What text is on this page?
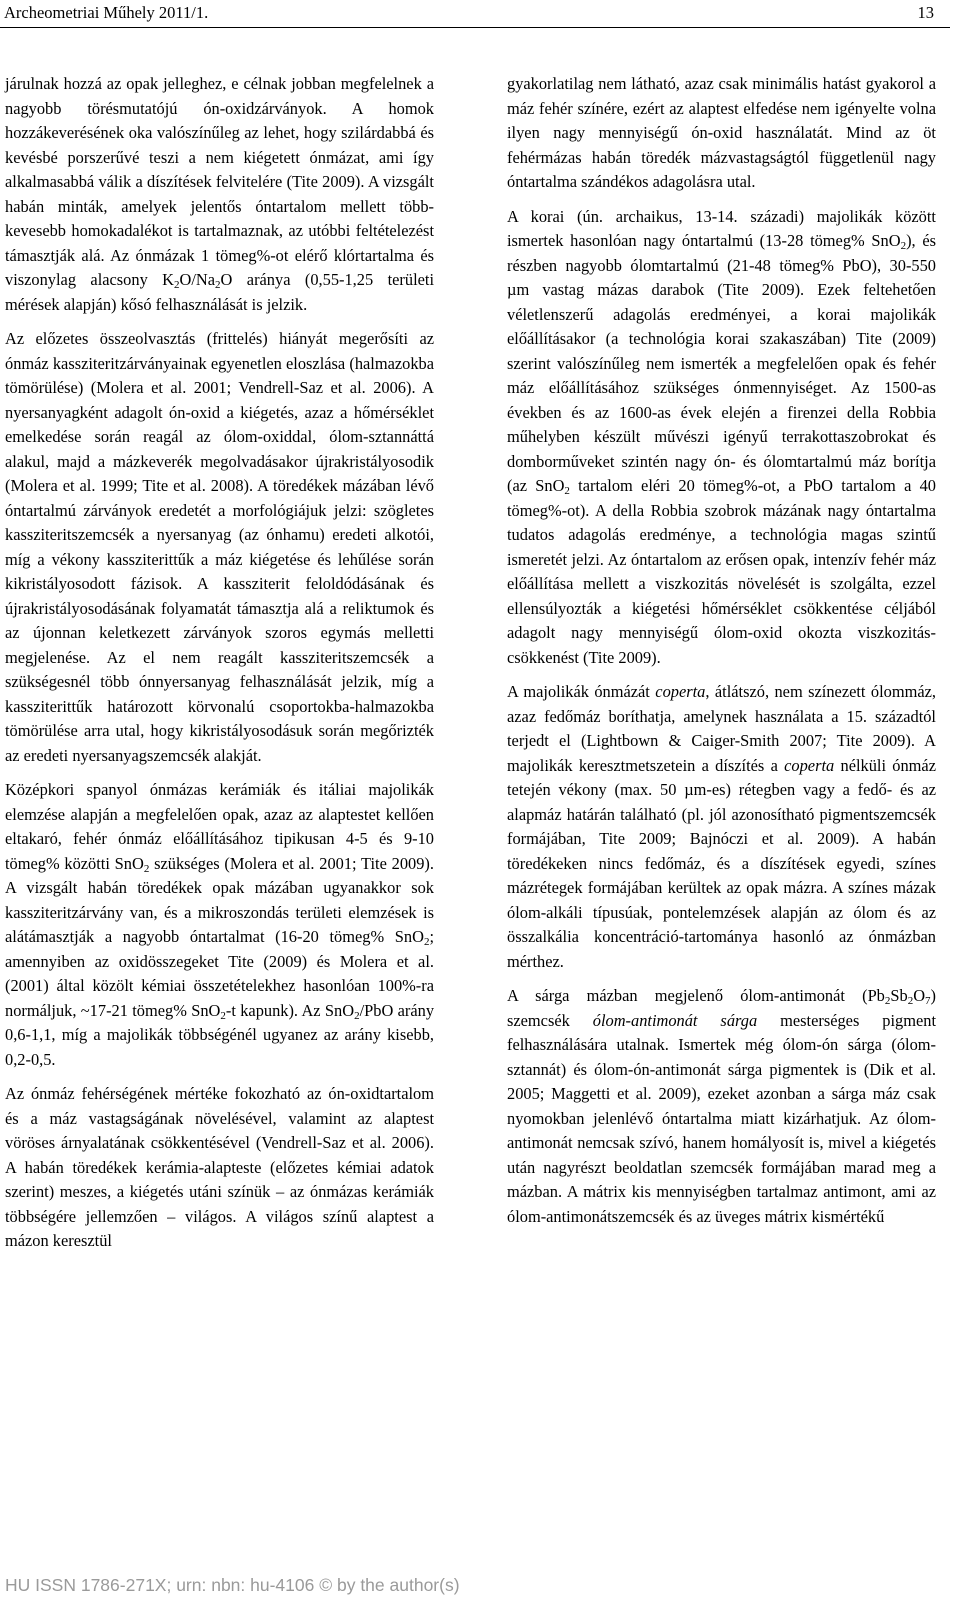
Archeometriai Műhely 2011/1.	13

járulnak hozzá az opak jelleghez, e célnak jobban megfelelnek a nagyobb törésmutatójú ón-oxidzárványok. A homok hozzákeverésének oka valószínűleg az lehet, hogy szilárdabbá és kevésbé porszerűvé teszi a nem kiégetett ónmázat, ami így alkalmasabbá válik a díszítések felvitelére (Tite 2009). A vizsgált habán minták, amelyek jelentős óntartalom mellett több-kevesebb homokadalékot is tartalmaznak, az utóbbi feltételezést támasztják alá. Az ónmázak 1 tömeg%-ot elérő klórtartalma és viszonylag alacsony $K_2O/Na_2O$ aránya (0,55-1,25 területi mérések alapján) kősó felhasználását is jelzik.

Az előzetes összeolvasztás (frittelés) hiányát megerősíti az ónmáz kassziteritzárványainak egyenetlen eloszlása (halmazokba tömörülése) (Molera et al. 2001; Vendrell-Saz et al. 2006). A nyersanyagként adagolt ón-oxid a kiégetés, azaz a hőmérséklet emelkedése során reagál az ólom-oxiddal, ólom-sztannáttá alakul, majd a mázkeverék megolvadásakor újrakristályosodik (Molera et al. 1999; Tite et al. 2008). A töredékek mázában lévő óntartalmú zárványok eredetét a morfológiájuk jelzi: szögletes kassziteritszemcsék a nyersanyag (az ónhamu) eredeti alkotói, míg a vékony kassziterittűk a máz kiégetése és lehűlése során kikristályosodott fázisok. A kassziterit feloldódásának és újrakristályosodásának folyamatát támasztja alá a reliktumok és az újonnan keletkezett zárványok szoros egymás melletti megjelenése. Az el nem reagált kassziteritszemcsék a szükségesnél több ónnyersanyag felhasználását jelzik, míg a kassziterittűk határozott körvonalú csoportokba-halmazokba tömörülése arra utal, hogy kikristályosodásuk során megőrizték az eredeti nyersanyagszemcsék alakját.

Középkori spanyol ónmázas kerámiák és itáliai majolikák elemzése alapján a megfelelően opak, azaz az alaptestet kellően eltakaró, fehér ónmáz előállításához tipikusan 4-5 és 9-10 tömeg% közötti SnO$_2$ szükséges (Molera et al. 2001; Tite 2009). A vizsgált habán töredékek opak mázában ugyanakkor sok kassziteritzárvány van, és a mikroszondás területi elemzések is alátámasztják a nagyobb óntartalmat (16-20 tömeg% SnO$_2$; amennyiben az oxidösszegeket Tite (2009) és Molera et al. (2001) által közölt kémiai összetételekhez hasonlóan 100%-ra normáljuk, ~17-21 tömeg% SnO$_2$-t kapunk). Az SnO$_2$/PbO arány 0,6-1,1, míg a majolikák többségénél ugyanez az arány kisebb, 0,2-0,5.

Az ónmáz fehérségének mértéke fokozható az ón-oxidtartalom és a máz vastagságának növelésével, valamint az alaptest vöröses árnyalatának csökkentésével (Vendrell-Saz et al. 2006). A habán töredékek kerámia-alapteste (előzetes kémiai adatok szerint) meszes, a kiégetés utáni színük – az ónmázas kerámiák többségére jellemzően – világos. A világos színű alaptest a mázon keresztül

gyakorlatilag nem látható, azaz csak minimális hatást gyakorol a máz fehér színére, ezért az alaptest elfedése nem igényelte volna ilyen nagy mennyiségű ón-oxid használatát. Mind az öt fehérmázas habán töredék mázvastagságtól függetlenül nagy óntartalma szándékos adagolásra utal.

A korai (ún. archaikus, 13-14. századi) majolikák között ismertek hasonlóan nagy óntartalmú (13-28 tömeg% SnO$_2$), és részben nagyobb ólomtartalmú (21-48 tömeg% PbO), 30-550 µm vastag mázas darabok (Tite 2009). Ezek feltehetően véletlenszerű adagolás eredményei, a korai majolikák előállításakor (a technológia korai szakaszában) Tite (2009) szerint valószínűleg nem ismerték a megfelelően opak és fehér máz előállításához szükséges ónmennyiséget. Az 1500-as években és az 1600-as évek elején a firenzei della Robbia műhelyben készült művészi igényű terrakottaszobrokat és domborműveket szintén nagy ón- és ólomtartalmú máz borítja (az SnO$_2$ tartalom eléri 20 tömeg%-ot, a PbO tartalom a 40 tömeg%-ot). A della Robbia szobrok mázának nagy óntartalma tudatos adagolás eredménye, a technológia magas szintű ismeretét jelzi. Az óntartalom az erősen opak, intenzív fehér máz előállítása mellett a viszkozitás növelését is szolgálta, ezzel ellensúlyozták a kiégetési hőmérséklet csökkentése céljából adagolt nagy mennyiségű ólom-oxid okozta viszkozitás-csökkenést (Tite 2009).

A majolikák ónmázát coperta, átlátszó, nem színezett ólommáz, azaz fedőmáz boríthatja, amelynek használata a 15. századtól terjedt el (Lightbown & Caiger-Smith 2007; Tite 2009). A majolikák keresztmetszetein a díszítés a coperta nélküli ónmáz tetején vékony (max. 50 µm-es) rétegben vagy a fedő- és az alapmáz határán található (pl. jól azonosítható pigmentszemcsék formájában, Tite 2009; Bajnóczi et al. 2009). A habán töredékeken nincs fedőmáz, és a díszítések egyedi, színes mázrétegek formájában kerültek az opak mázra. A színes mázak ólom-alkáli típusúak, pontelemzések alapján az ólom és az összalkália koncentráció-tartománya hasonló az ónmázban mérthez.

A sárga mázban megjelenő ólom-antimonát $(Pb_2Sb_2O_7)$ szemcsék ólom-antimonát sárga mesterséges pigment felhasználására utalnak. Ismertek még ólom-ón sárga (ólom-sztannát) és ólom-ón-antimonát sárga pigmentek is (Dik et al. 2005; Maggetti et al. 2009), ezeket azonban a sárga máz csak nyomokban jelenlévő óntartalma miatt kizárhatjuk. Az ólom-antimonát nemcsak szívó, hanem homályosít is, mivel a kiégetés után nagyrészt beoldatlan szemcsék formájában marad meg a mázban. A mátrix kis mennyiségben tartalmaz antimont, ami az ólom-antimonátszemcsék és az üveges mátrix kismértékű

HU ISSN 1786-271X; urn: nbn: hu-4106 © by the author(s)
